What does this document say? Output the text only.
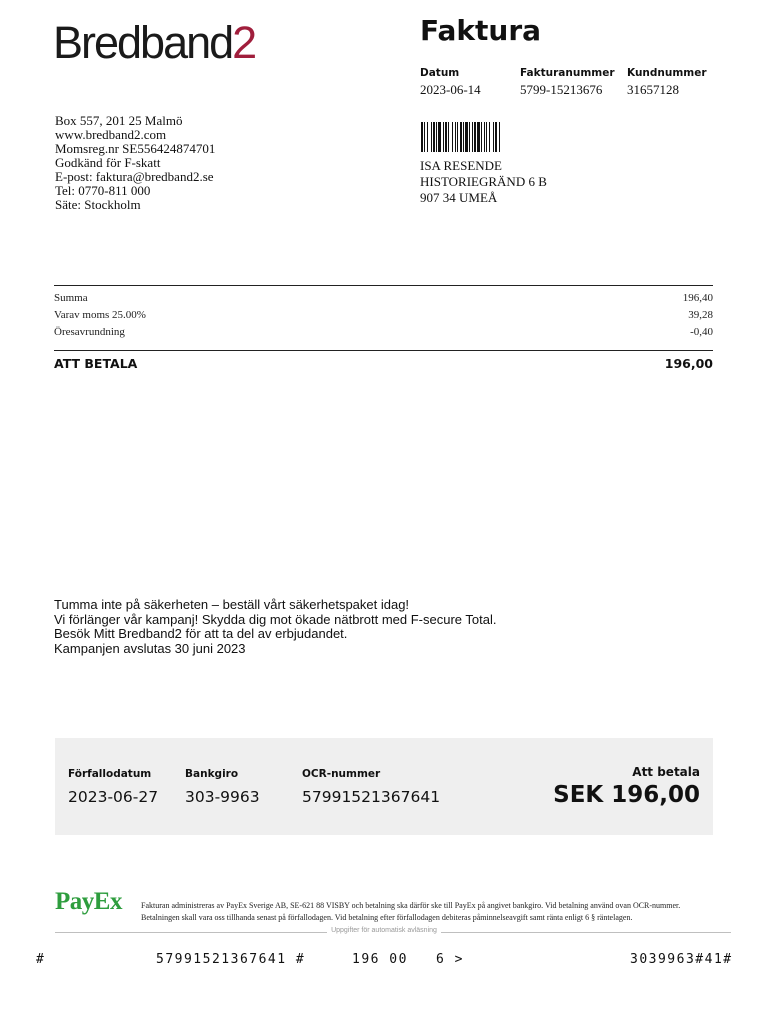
Bredband2	Faktura
Datum
2023-06-14
Fakturanummer
5799-15213676
Kundnummer
31657128
Box 557, 201 25 Malmö
www.bredband2.com
Momsreg.nr SE556424874701
Godkänd för F-skatt
E-post: faktura@bredband2.se
Tel: 0770-811 000
Säte: Stockholm
ISA RESENDE
HISTORIEGRÄND 6 B
907 34 UMEÅ
Summa	196,40
Varav moms 25.00%	39,28
Öresavrundning	-0,40
ATT BETALA	196,00
Tumma inte på säkerheten – beställ vårt säkerhetspaket idag!
Vi förlänger vår kampanj! Skydda dig mot ökade nätbrott med F-secure Total.
Besök Mitt Bredband2 för att ta del av erbjudandet.
Kampanjen avslutas 30 juni 2023
Förfallodatum
2023-06-27
Bankgiro
303-9963
OCR-nummer
57991521367641
Att betala
SEK 196,00
PayEx Fakturan administreras av PayEx Sverige AB, SE-621 88 VISBY och betalning ska därför ske till PayEx på angivet bankgiro. Vid betalning använd ovan OCR-nummer.
Betalningen skall vara oss tillhanda senast på förfallodagen. Vid betalning efter förfallodagen debiteras påminnelseavgift samt ränta enligt 6 § räntelagen.
Uppgifter för automatisk avläsning
#	57991521367641 #	196 00 6 >	3039963#41#
